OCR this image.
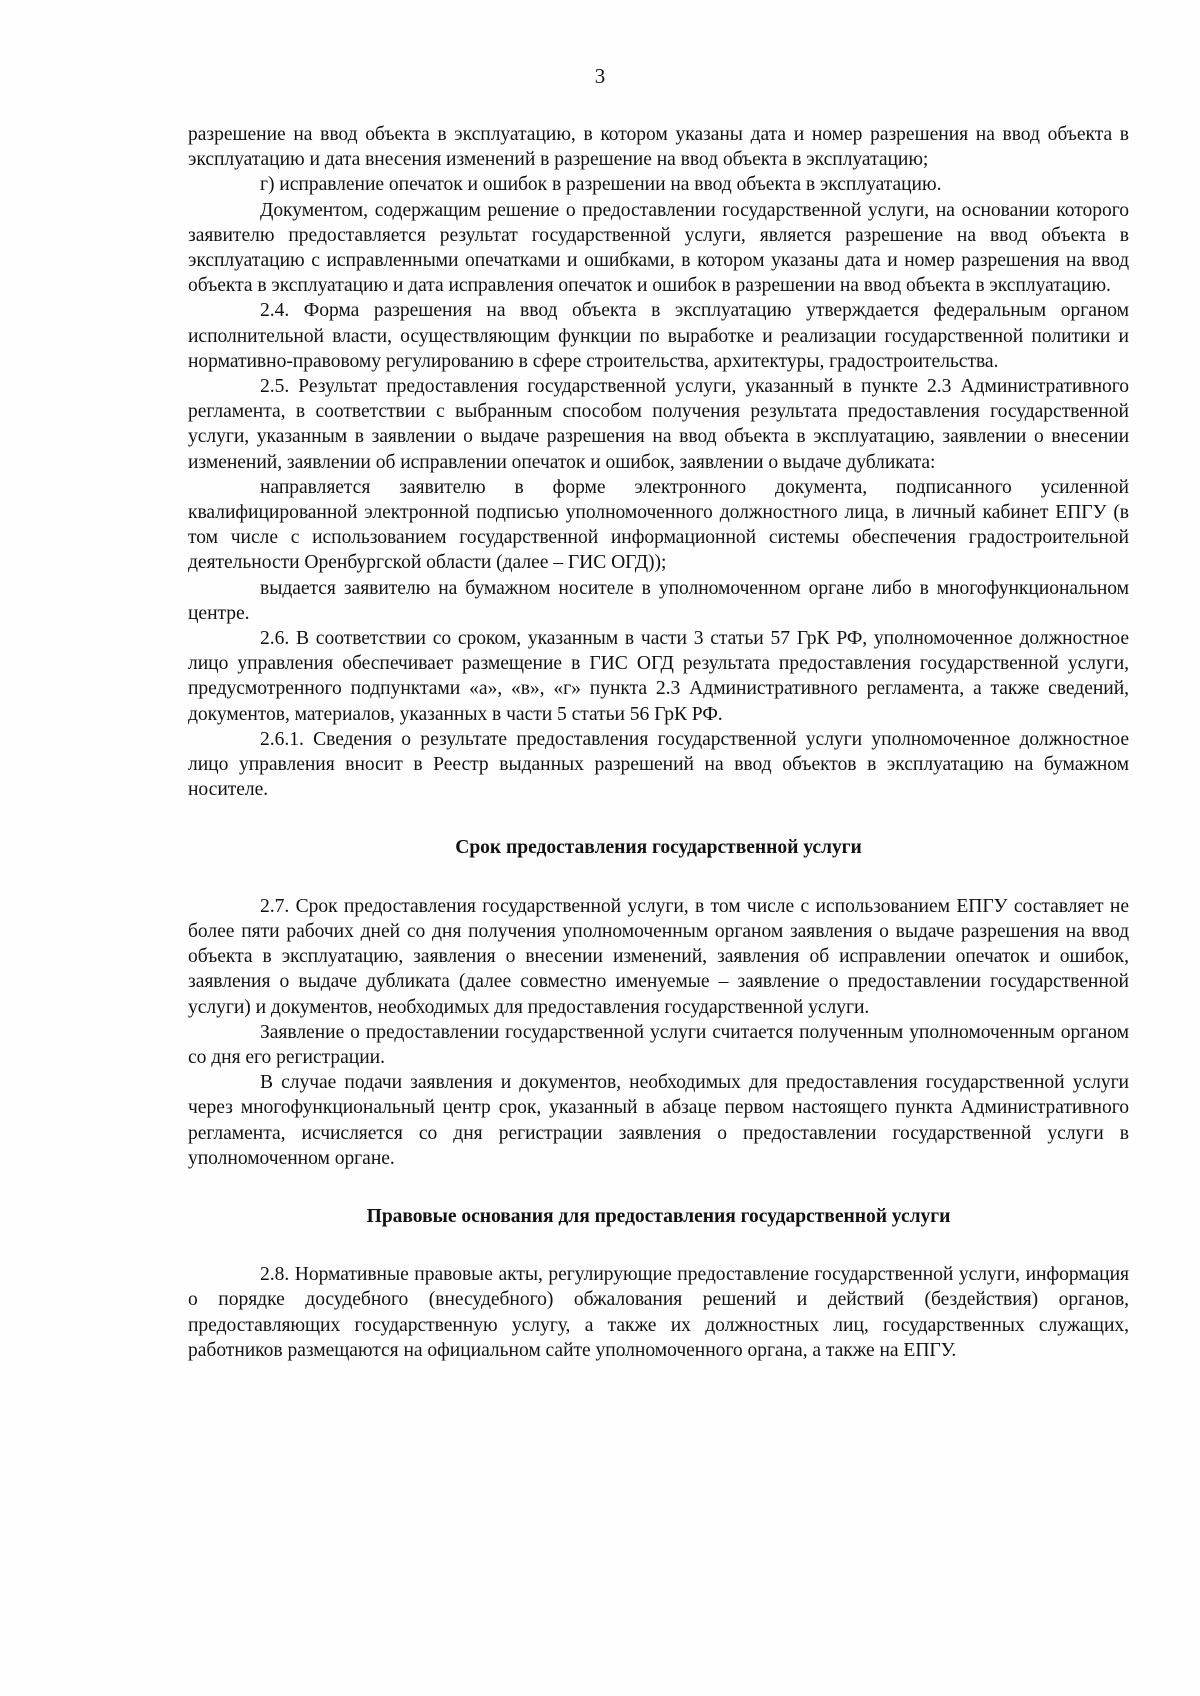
3

разрешение на ввод объекта в эксплуатацию, в котором указаны дата и номер разрешения на ввод объекта в эксплуатацию и дата внесения изменений в разрешение на ввод объекта в эксплуатацию;

г) исправление опечаток и ошибок в разрешении на ввод объекта в эксплуатацию.

Документом, содержащим решение о предоставлении государственной услуги, на основании которого заявителю предоставляется результат государственной услуги, является разрешение на ввод объекта в эксплуатацию с исправленными опечатками и ошибками, в котором указаны дата и номер разрешения на ввод объекта в эксплуатацию и дата исправления опечаток и ошибок в разрешении на ввод объекта в эксплуатацию.

2.4. Форма разрешения на ввод объекта в эксплуатацию утверждается федеральным органом исполнительной власти, осуществляющим функции по выработке и реализации государственной политики и нормативно-правовому регулированию в сфере строительства, архитектуры, градостроительства.

2.5. Результат предоставления государственной услуги, указанный в пункте 2.3 Административного регламента, в соответствии с выбранным способом получения результата предоставления государственной услуги, указанным в заявлении о выдаче разрешения на ввод объекта в эксплуатацию, заявлении о внесении изменений, заявлении об исправлении опечаток и ошибок, заявлении о выдаче дубликата:

направляется заявителю в форме электронного документа, подписанного усиленной квалифицированной электронной подписью уполномоченного должностного лица, в личный кабинет ЕПГУ (в том числе с использованием государственной информационной системы обеспечения градостроительной деятельности Оренбургской области (далее – ГИС ОГД));

выдается заявителю на бумажном носителе в уполномоченном органе либо в многофункциональном центре.

2.6. В соответствии со сроком, указанным в части 3 статьи 57 ГрК РФ, уполномоченное должностное лицо управления обеспечивает размещение в ГИС ОГД результата предоставления государственной услуги, предусмотренного подпунктами «а», «в», «г» пункта 2.3 Административного регламента, а также сведений, документов, материалов, указанных в части 5 статьи 56 ГрК РФ.

2.6.1. Сведения о результате предоставления государственной услуги уполномоченное должностное лицо управления вносит в Реестр выданных разрешений на ввод объектов в эксплуатацию на бумажном носителе.

Срок предоставления государственной услуги

2.7. Срок предоставления государственной услуги, в том числе с использованием ЕПГУ составляет не более пяти рабочих дней со дня получения уполномоченным органом заявления о выдаче разрешения на ввод объекта в эксплуатацию, заявления о внесении изменений, заявления об исправлении опечаток и ошибок, заявления о выдаче дубликата (далее совместно именуемые – заявление о предоставлении государственной услуги) и документов, необходимых для предоставления государственной услуги.

Заявление о предоставлении государственной услуги считается полученным уполномоченным органом со дня его регистрации.

В случае подачи заявления и документов, необходимых для предоставления государственной услуги через многофункциональный центр срок, указанный в абзаце первом настоящего пункта Административного регламента, исчисляется со дня регистрации заявления о предоставлении государственной услуги в уполномоченном органе.

Правовые основания для предоставления государственной услуги

2.8. Нормативные правовые акты, регулирующие предоставление государственной услуги, информация о порядке досудебного (внесудебного) обжалования решений и действий (бездействия) органов, предоставляющих государственную услугу, а также их должностных лиц, государственных служащих, работников размещаются на официальном сайте уполномоченного органа, а также на ЕПГУ.
